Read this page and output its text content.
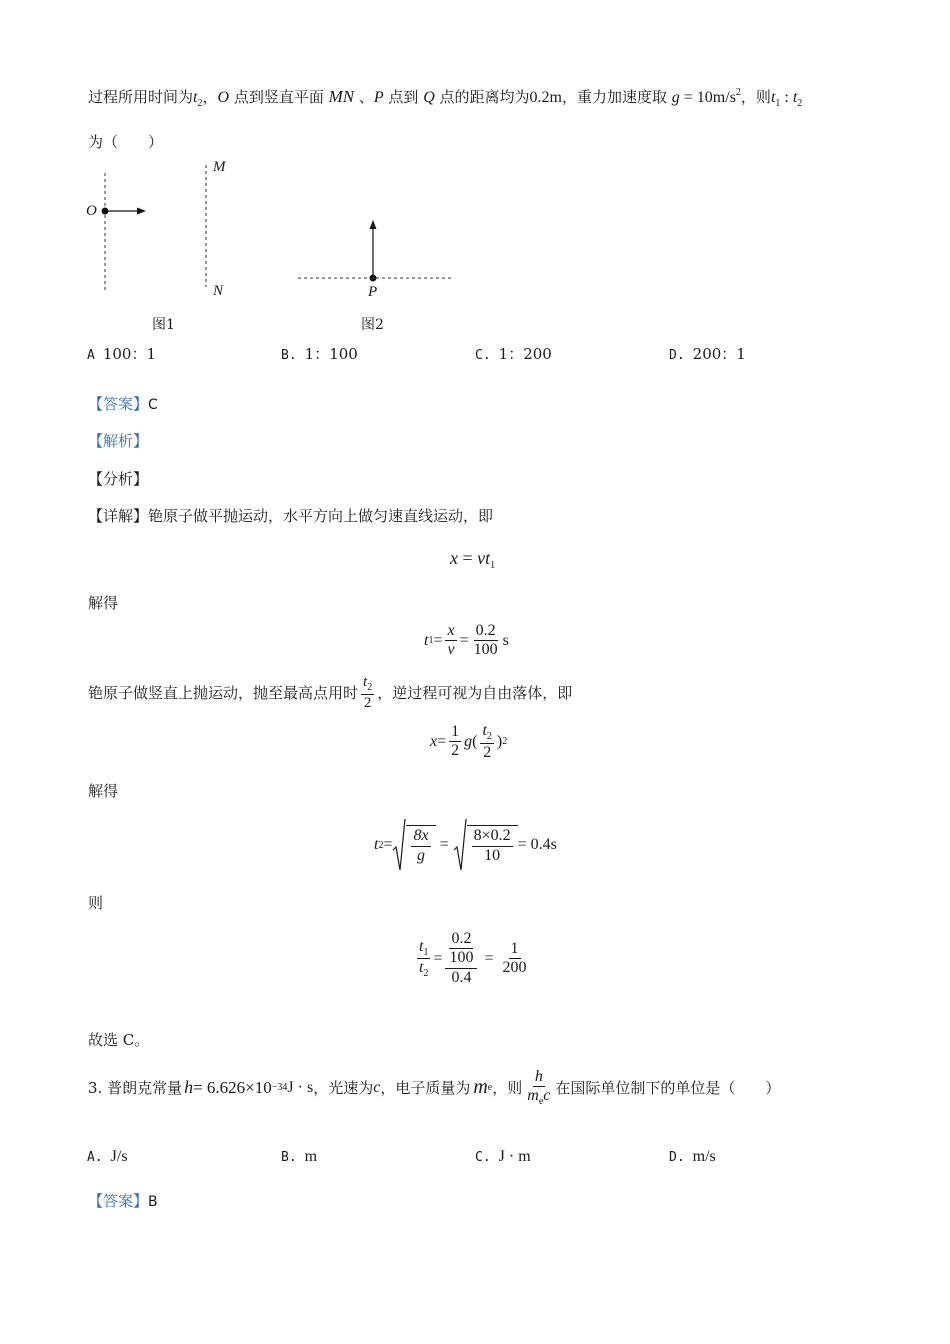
过程所用时间为$t_2$，O 点到竖直平面 MN 、P 点到 Q 点的距离均为0.2m，重力加速度取 $g = 10m/s^2$，则$t_1$ : $t_2$
为（　　）
M
N
O
P
图1	图2
A 100：1	B. 1：100	C. 1：200	D. 200：1
【答案】C
【解析】
【分析】
【详解】铯原子做平抛运动，水平方向上做匀速直线运动，即
$x = vt_1$
解得
t $1 = \frac{x}{v} = \frac{0.2}{100}$ s
铯原子做竖直上抛运动，抛至最高点用时 $\frac{t_2}{2}$ ，逆过程可视为自由落体，即
$x = \frac{1}{2}$ g ( $\frac{t_2}{2}$ ) 2
解得
t $2 = \frac{8x}{g} = \frac{8\times 0.2}{10} = 0.4s$
则
$\frac{t_1}{t_2} = \frac{\frac{0.2}{100}}{0.4} = \frac{1}{200}$
故选 C。
3. 普朗克常量 h = 6.626×10 −34 J · s ，光速为 c ，电子质量为 m e ，则 $\frac{h}{m_ec}$ 在国际单位制下的单位是（　　）
A. J/s	B. m	C. J · m	D. m/s
【答案】B
